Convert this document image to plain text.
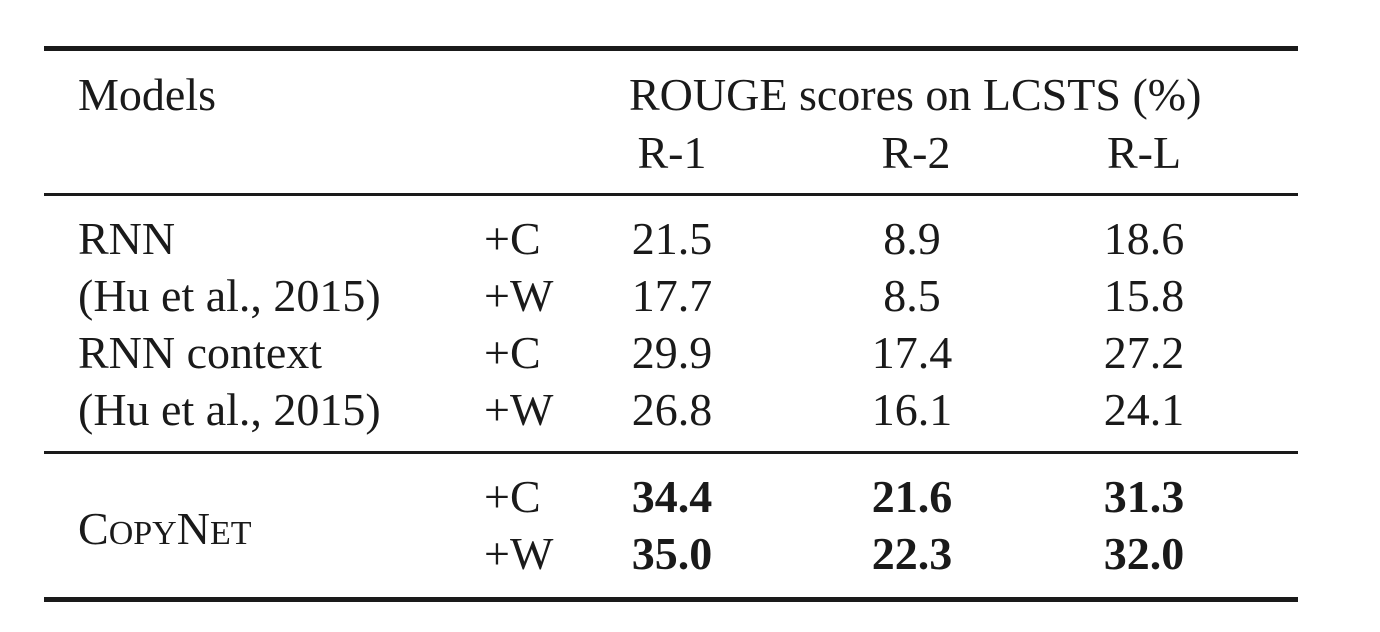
Models	ROUGE scores on LCSTS (%)
R-1	R-2	R-L
RNN	+C 21.5	8.9	18.6
(Hu et al., 2015) +W 17.7	8.5	15.8
RNN context	+C 29.9	17.4	27.2
(Hu et al., 2015) +W 26.8	16.1	24.1
COPYNET
+C 34.4	21.6	31.3
+W 35.0	22.3	32.0
